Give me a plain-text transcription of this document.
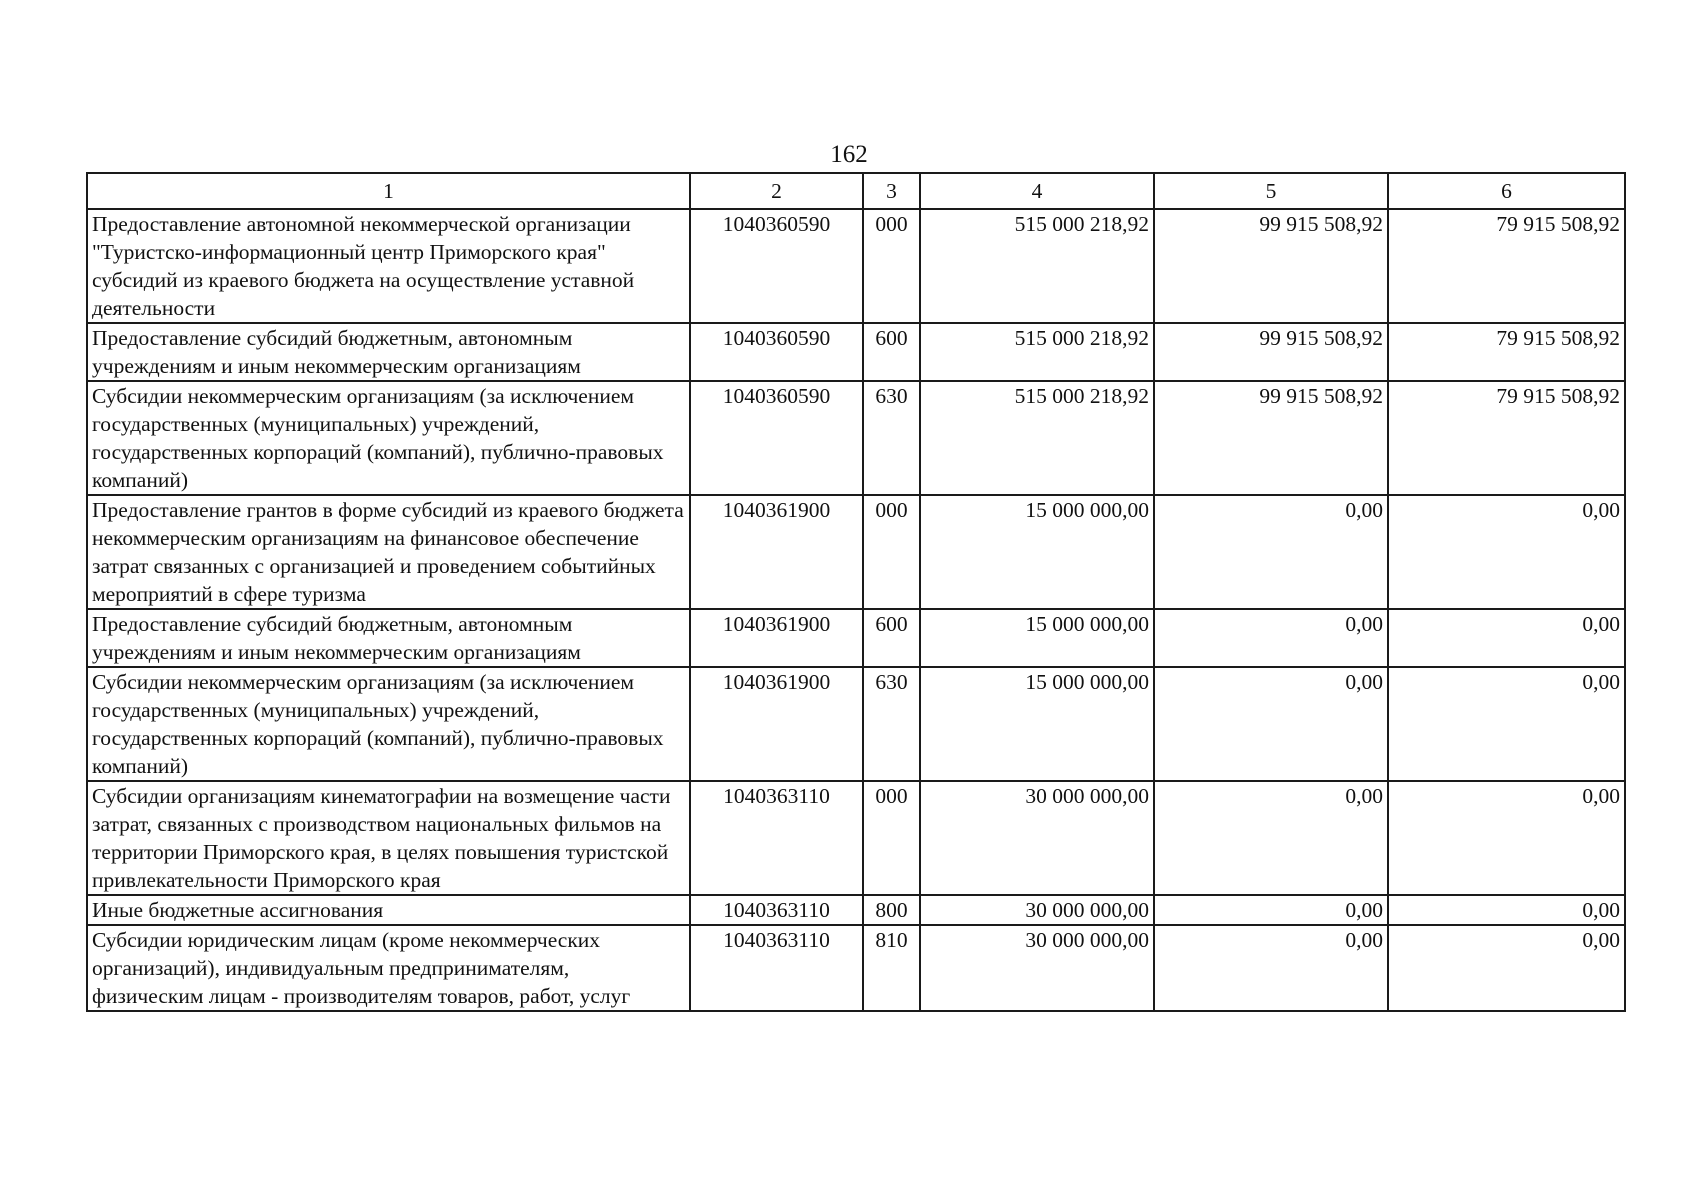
162
1	2	3	4	5	6
Предоставление автономной некоммерческой организации "Туристско-информационный центр Приморского края" субсидий из краевого бюджета на осуществление уставной деятельности	1040360590	000	515 000 218,92	99 915 508,92	79 915 508,92
Предоставление субсидий бюджетным, автономным учреждениям и иным некоммерческим организациям	1040360590	600	515 000 218,92	99 915 508,92	79 915 508,92
Субсидии некоммерческим организациям (за исключением государственных (муниципальных) учреждений, государственных корпораций (компаний), публично-правовых компаний)	1040360590	630	515 000 218,92	99 915 508,92	79 915 508,92
Предоставление грантов в форме субсидий из краевого бюджета некоммерческим организациям на финансовое обеспечение затрат связанных с организацией и проведением событийных мероприятий в сфере туризма	1040361900	000	15 000 000,00	0,00	0,00
Предоставление субсидий бюджетным, автономным учреждениям и иным некоммерческим организациям	1040361900	600	15 000 000,00	0,00	0,00
Субсидии некоммерческим организациям (за исключением государственных (муниципальных) учреждений, государственных корпораций (компаний), публично-правовых компаний)	1040361900	630	15 000 000,00	0,00	0,00
Субсидии организациям кинематографии на возмещение части затрат, связанных с производством национальных фильмов на территории Приморского края, в целях повышения туристской привлекательности Приморского края	1040363110	000	30 000 000,00	0,00	0,00
Иные бюджетные ассигнования	1040363110	800	30 000 000,00	0,00	0,00
Субсидии юридическим лицам (кроме некоммерческих организаций), индивидуальным предпринимателям, физическим лицам - производителям товаров, работ, услуг	1040363110	810	30 000 000,00	0,00	0,00
